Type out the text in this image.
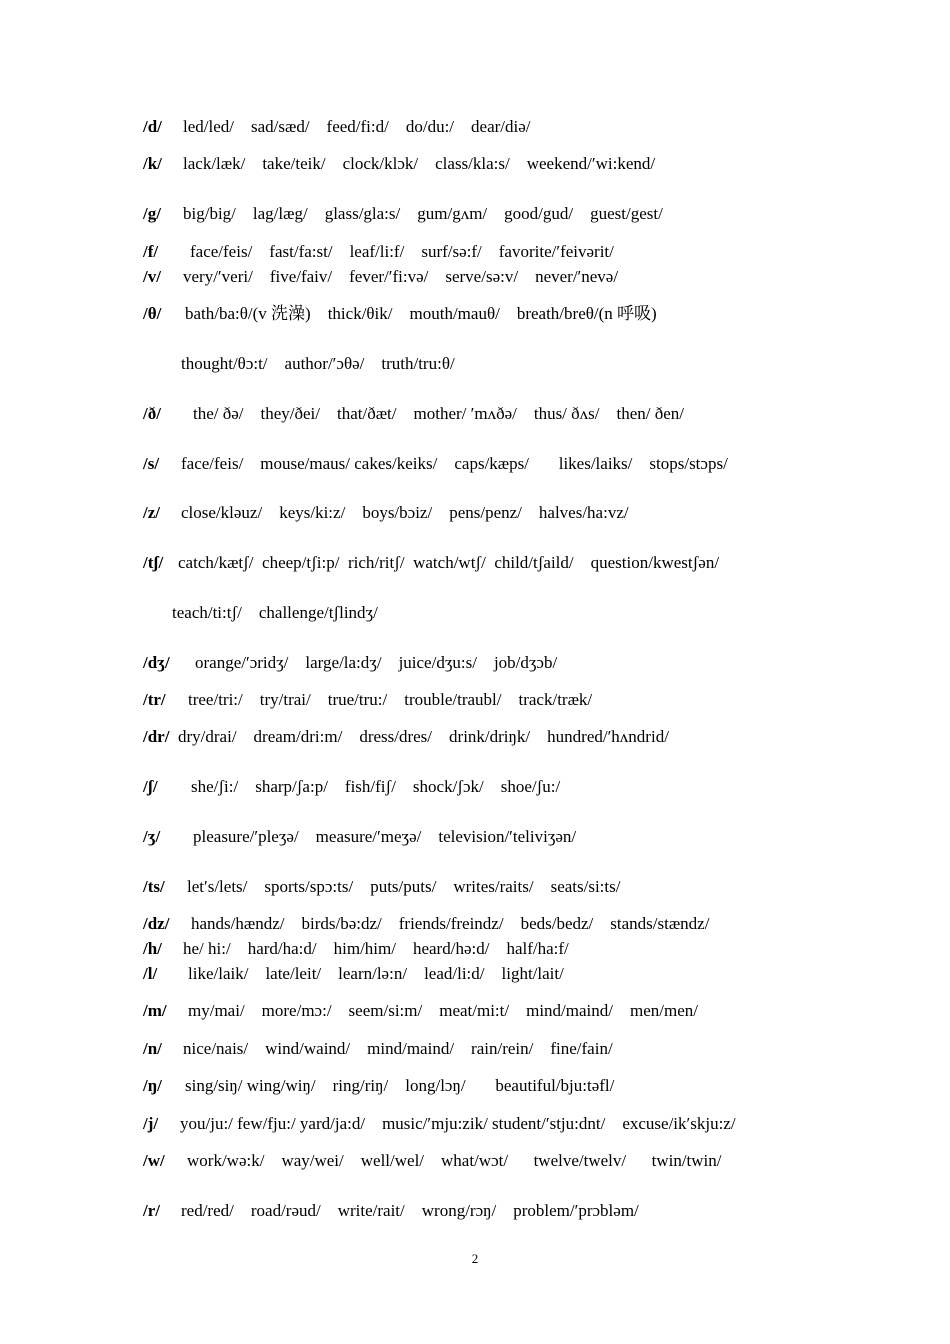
/d/ led/led/ sad/sæd/ feed/fi:d/ do/du:/ dear/diə/
/k/ lack/læk/ take/teik/ clock/klɔk/ class/kla:s/ weekend/′wi:kend/
/g/ big/big/ lag/læg/ glass/gla:s/ gum/gʌm/ good/gud/ guest/gest/
/f/ face/feis/ fast/fa:st/ leaf/li:f/ surf/sə:f/ favorite/′feivərit/
/v/ very/′veri/ five/faiv/ fever/′fi:və/ serve/sə:v/ never/′nevə/
/θ/ bath/ba:θ/(v 洗澡) thick/θik/ mouth/mauθ/ breath/breθ/(n 呼吸)
thought/θɔ:t/ author/′ɔθə/ truth/tru:θ/
/ð/ the/ ðə/ they/ðei/ that/ðæt/ mother/ ′mʌðə/ thus/ ðʌs/ then/ ðen/
/s/ face/feis/ mouse/maus/ cakes/keiks/ caps/kæps/ likes/laiks/ stops/stɔps/
/z/ close/kləuz/ keys/ki:z/ boys/bɔiz/ pens/penz/ halves/ha:vz/
/tʃ/ catch/kætʃ/ cheep/tʃi:p/ rich/ritʃ/ watch/wtʃ/ child/tʃaild/ question/kwestʃən/
teach/ti:tʃ/ challenge/tʃlindʒ/
/dʒ/ orange/′ɔridʒ/ large/la:dʒ/ juice/dʒu:s/ job/dʒɔb/
/tr/ tree/tri:/ try/trai/ true/tru:/ trouble/traubl/ track/træk/
/dr/ dry/drai/ dream/dri:m/ dress/dres/ drink/driŋk/ hundred/′hʌndrid/
/ʃ/ she/ʃi:/ sharp/ʃa:p/ fish/fiʃ/ shock/ʃɔk/ shoe/ʃu:/
/ʒ/ pleasure/′pleʒə/ measure/′meʒə/ television/′teliviʒən/
/ts/ let′s/lets/ sports/spɔ:ts/ puts/puts/ writes/raits/ seats/si:ts/
/dz/ hands/hændz/ birds/bə:dz/ friends/freindz/ beds/bedz/ stands/stændz/
/h/ he/ hi:/ hard/ha:d/ him/him/ heard/hə:d/ half/ha:f/
/l/ like/laik/ late/leit/ learn/lə:n/ lead/li:d/ light/lait/
/m/ my/mai/ more/mɔ:/ seem/si:m/ meat/mi:t/ mind/maind/ men/men/
/n/ nice/nais/ wind/waind/ mind/maind/ rain/rein/ fine/fain/
/ŋ/ sing/siŋ/ wing/wiŋ/ ring/riŋ/ long/lɔŋ/ beautiful/bju:təfl/
/j/ you/ju:/ few/fju:/ yard/ja:d/ music/′mju:zik/ student/′stju:dnt/ excuse/ik′skju:z/
/w/ work/wə:k/ way/wei/ well/wel/ what/wɔt/ twelve/twelv/ twin/twin/
/r/ red/red/ road/rəud/ write/rait/ wrong/rɔŋ/ problem/′prɔbləm/
2
